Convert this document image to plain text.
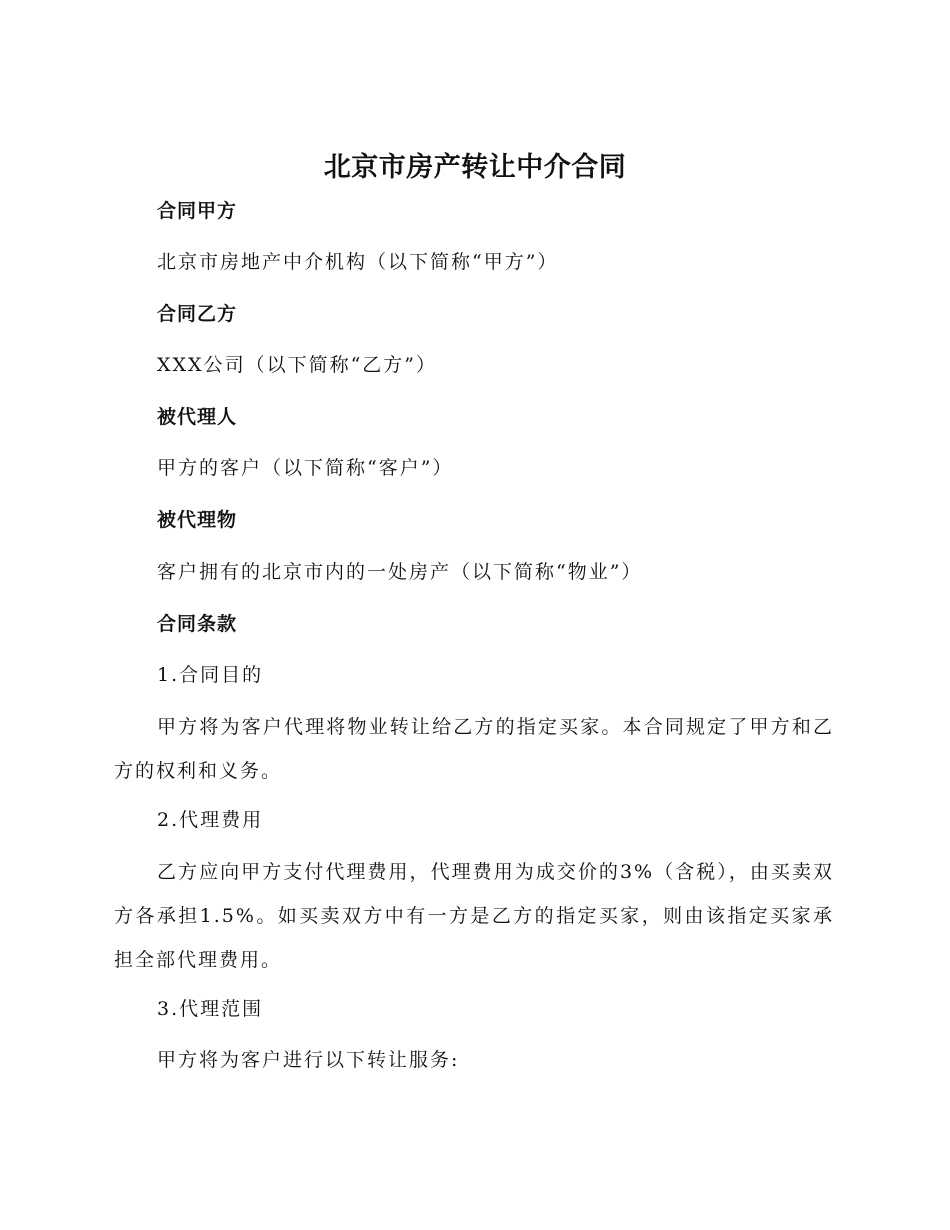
北京市房产转让中介合同
合同甲方
北京市房地产中介机构（以下简称“甲方”）
合同乙方
XXX公司（以下简称“乙方”）
被代理人
甲方的客户（以下简称“客户”）
被代理物
客户拥有的北京市内的一处房产（以下简称“物业”）
合同条款
1.合同目的
甲方将为客户代理将物业转让给乙方的指定买家。本合同规定了甲方和乙方的权利和义务。
2.代理费用
乙方应向甲方支付代理费用，代理费用为成交价的3%（含税），由买卖双方各承担1.5%。如买卖双方中有一方是乙方的指定买家，则由该指定买家承担全部代理费用。
3.代理范围
甲方将为客户进行以下转让服务:
